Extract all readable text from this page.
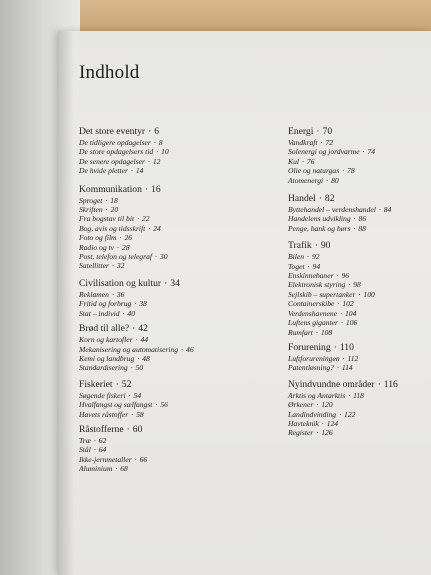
Indhold
Det store eventyr · 6
De tidligere opdagelser · 8
De store opdagelsers tid · 10
De senere opdagelser · 12
De hvide pletter · 14
Kommunikation · 16
Sproget · 18
Skriften · 20
Fra bogstav til bit · 22
Bog, avis og tidsskrift · 24
Foto og film · 26
Radio og tv · 28
Post, telefon og telegraf · 30
Satellitter · 32
Civilisation og kultur · 34
Reklamen · 36
Fritid og forbrug · 38
Stat – individ · 40
Brød til alle? · 42
Korn og kartofler · 44
Mekanisering og automatisering · 46
Kemi og landbrug · 48
Standardisering · 50
Fiskeriet · 52
Søgende fiskeri · 54
Hvalfangst og sælfangst · 56
Havets råstoffer · 58
Råstofferne · 60
Træ · 62
Stål · 64
Ikke-jernmetaller · 66
Aluminium · 68
Energi · 70
Vandkraft · 72
Solenergi og jordvarme · 74
Kul · 76
Olie og naturgas · 78
Atomenergi · 80
Handel · 82
Byttehandel – verdenshandel · 84
Handelens udvikling · 86
Penge, bank og børs · 88
Trafik · 90
Bilen · 92
Toget · 94
Enskinnebaner · 96
Elektronisk styring · 98
Sejlskib – supertanker · 100
Containerskibe · 102
Verdenshavnene · 104
Luftens giganter · 106
Rumfart · 108
Forurening · 110
Luftforureningen · 112
Patentløsning? · 114
Nyindvundne områder · 116
Arktis og Antarktis · 118
Ørkener · 120
Landindvinding · 122
Havteknik · 124
Register · 126
